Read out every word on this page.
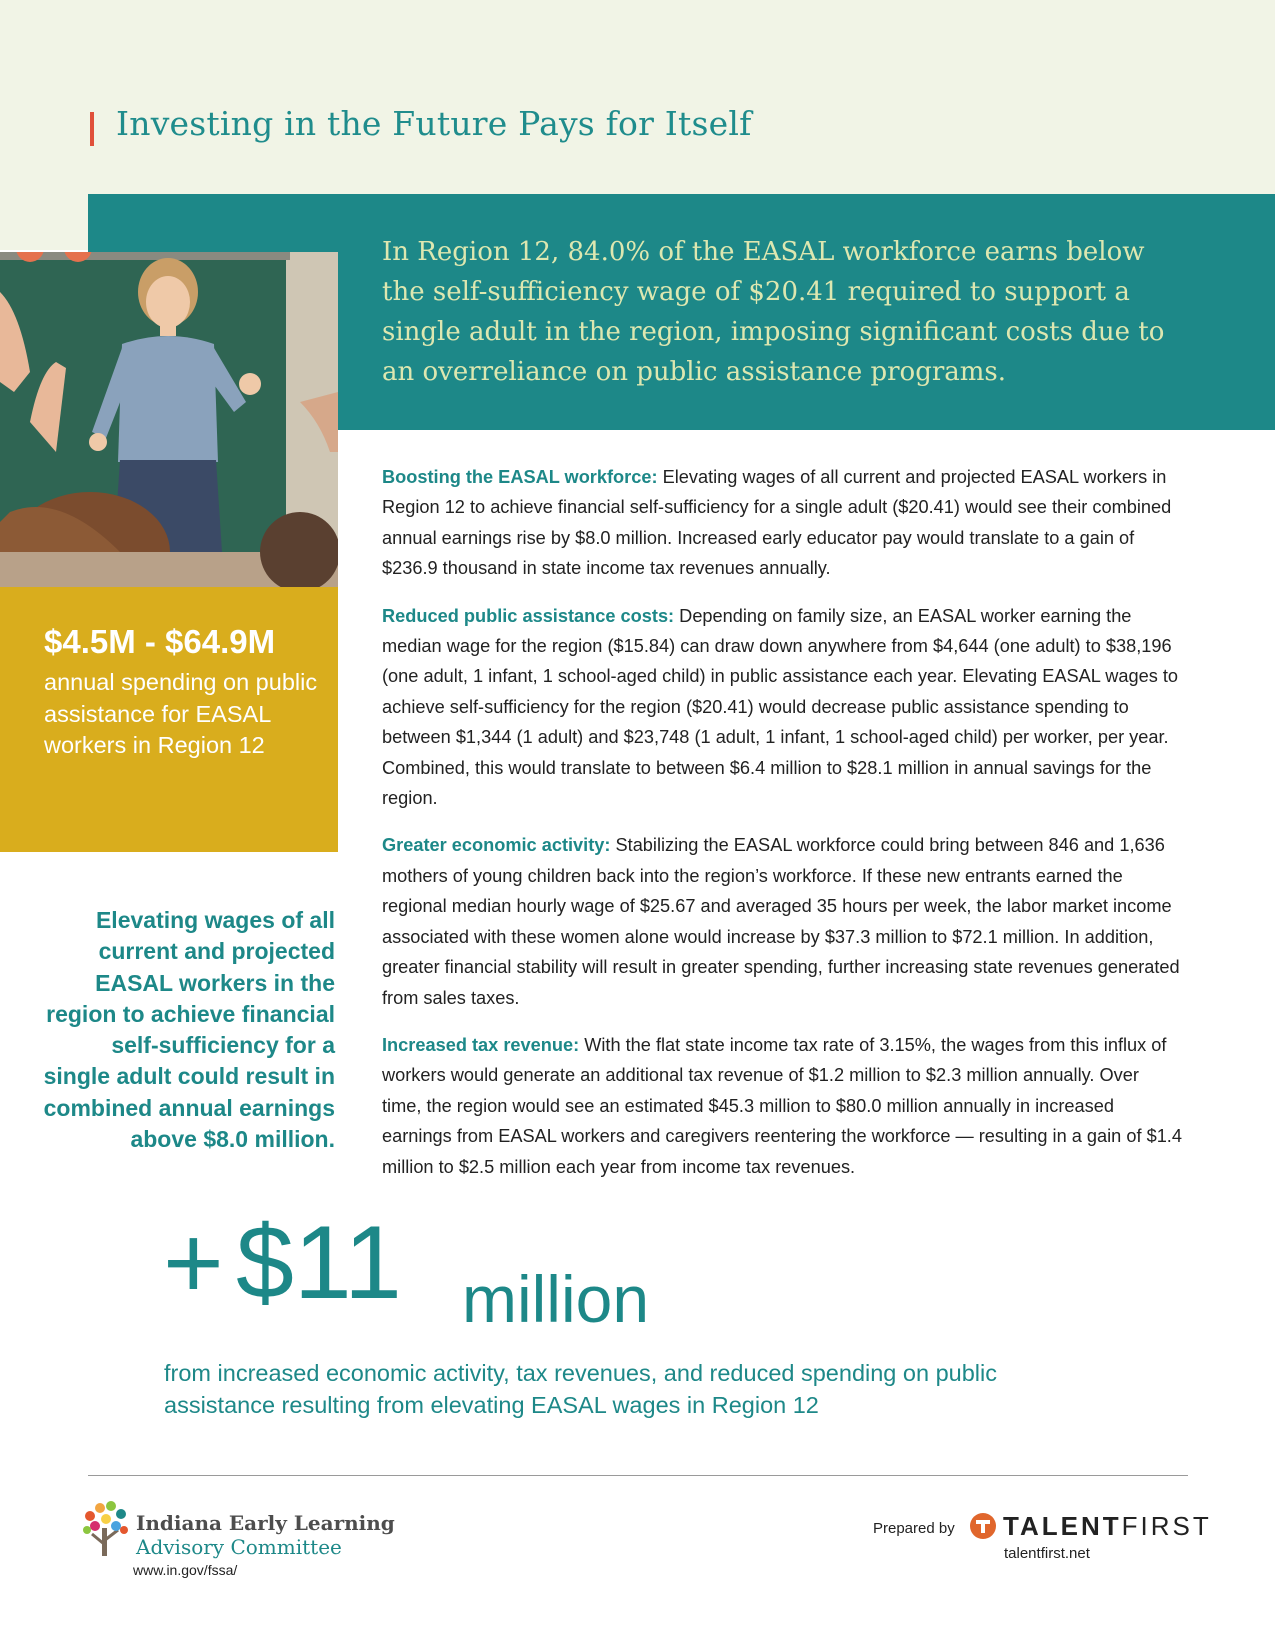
Investing in the Future Pays for Itself

In Region 12, 84.0% of the EASAL workforce earns below the self-sufficiency wage of $20.41 required to support a single adult in the region, imposing significant costs due to an overreliance on public assistance programs.

$4.5M - $64.9M

annual spending on public assistance for EASAL workers in Region 12

Elevating wages of all current and projected EASAL workers in the region to achieve financial self-sufficiency for a single adult could result in combined annual earnings above $8.0 million.

Boosting the EASAL workforce: Elevating wages of all current and projected EASAL workers in Region 12 to achieve financial self-sufficiency for a single adult ($20.41) would see their combined annual earnings rise by $8.0 million. Increased early educator pay would translate to a gain of $236.9 thousand in state income tax revenues annually.

Reduced public assistance costs: Depending on family size, an EASAL worker earning the median wage for the region ($15.84) can draw down anywhere from $4,644 (one adult) to $38,196 (one adult, 1 infant, 1 school-aged child) in public assistance each year. Elevating EASAL wages to achieve self-sufficiency for the region ($20.41) would decrease public assistance spending to between $1,344 (1 adult) and $23,748 (1 adult, 1 infant, 1 school-aged child) per worker, per year. Combined, this would translate to between $6.4 million to $28.1 million in annual savings for the region.

Greater economic activity: Stabilizing the EASAL workforce could bring between 846 and 1,636 mothers of young children back into the region’s workforce. If these new entrants earned the regional median hourly wage of $25.67 and averaged 35 hours per week, the labor market income associated with these women alone would increase by $37.3 million to $72.1 million. In addition, greater financial stability will result in greater spending, further increasing state revenues generated from sales taxes.

Increased tax revenue: With the flat state income tax rate of 3.15%, the wages from this influx of workers would generate an additional tax revenue of $1.2 million to $2.3 million annually. Over time, the region would see an estimated $45.3 million to $80.0 million annually in increased earnings from EASAL workers and caregivers reentering the workforce — resulting in a gain of $1.4 million to $2.5 million each year from income tax revenues.

+ $11 million

from increased economic activity, tax revenues, and reduced spending on public assistance resulting from elevating EASAL wages in Region 12

Indiana Early Learning
Advisory Committee
www.in.gov/fssa/
Prepared by TALENTFIRST
talentfirst.net
